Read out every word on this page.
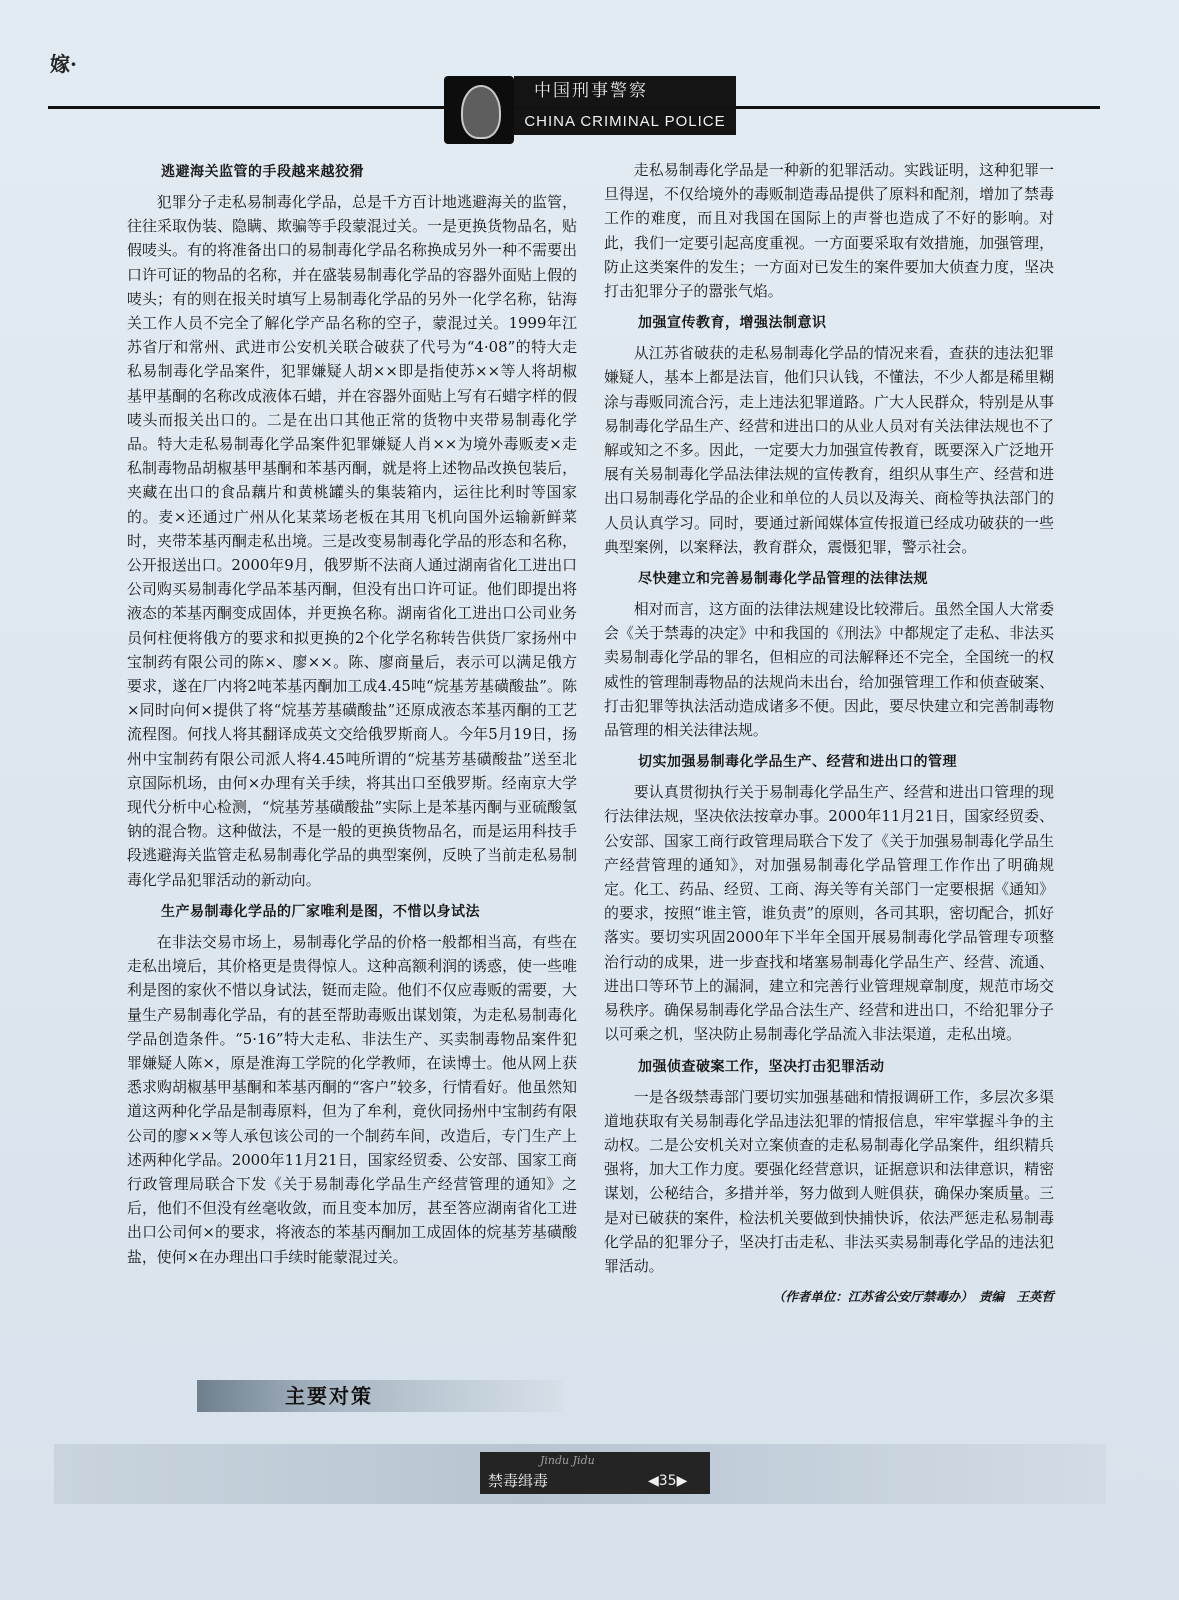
嫁·
中国刑事警察
CHINA CRIMINAL POLICE
逃避海关监管的手段越来越狡猾

犯罪分子走私易制毒化学品，总是千方百计地逃避海关的监管，往往采取伪装、隐瞒、欺骗等手段蒙混过关。一是更换货物品名，贴假唛头。有的将准备出口的易制毒化学品名称换成另外一种不需要出口许可证的物品的名称，并在盛装易制毒化学品的容器外面贴上假的唛头；有的则在报关时填写上易制毒化学品的另外一化学名称，钻海关工作人员不完全了解化学产品名称的空子，蒙混过关。1999年江苏省厅和常州、武进市公安机关联合破获了代号为“4·08”的特大走私易制毒化学品案件，犯罪嫌疑人胡××即是指使苏××等人将胡椒基甲基酮的名称改成液体石蜡，并在容器外面贴上写有石蜡字样的假唛头而报关出口的。二是在出口其他正常的货物中夹带易制毒化学品。特大走私易制毒化学品案件犯罪嫌疑人肖××为境外毒贩麦×走私制毒物品胡椒基甲基酮和苯基丙酮，就是将上述物品改换包装后，夹藏在出口的食品藕片和黄桃罐头的集装箱内，运往比利时等国家的。麦×还通过广州从化某菜场老板在其用飞机向国外运输新鲜菜时，夹带苯基丙酮走私出境。三是改变易制毒化学品的形态和名称，公开报送出口。2000年9月，俄罗斯不法商人通过湖南省化工进出口公司购买易制毒化学品苯基丙酮，但没有出口许可证。他们即提出将液态的苯基丙酮变成固体，并更换名称。湖南省化工进出口公司业务员何柱便将俄方的要求和拟更换的2个化学名称转告供货厂家扬州中宝制药有限公司的陈×、廖××。陈、廖商量后，表示可以满足俄方要求，遂在厂内将2吨苯基丙酮加工成4.45吨“烷基芳基磺酸盐”。陈×同时向何×提供了将“烷基芳基磺酸盐”还原成液态苯基丙酮的工艺流程图。何找人将其翻译成英文交给俄罗斯商人。今年5月19日，扬州中宝制药有限公司派人将4.45吨所谓的“烷基芳基磺酸盐”送至北京国际机场，由何×办理有关手续，将其出口至俄罗斯。经南京大学现代分析中心检测，“烷基芳基磺酸盐”实际上是苯基丙酮与亚硫酸氢钠的混合物。这种做法，不是一般的更换货物品名，而是运用科技手段逃避海关监管走私易制毒化学品的典型案例，反映了当前走私易制毒化学品犯罪活动的新动向。

生产易制毒化学品的厂家唯利是图，不惜以身试法

在非法交易市场上，易制毒化学品的价格一般都相当高，有些在走私出境后，其价格更是贵得惊人。这种高额利润的诱惑，使一些唯利是图的家伙不惜以身试法，铤而走险。他们不仅应毒贩的需要，大量生产易制毒化学品，有的甚至帮助毒贩出谋划策，为走私易制毒化学品创造条件。“5·16”特大走私、非法生产、买卖制毒物品案件犯罪嫌疑人陈×，原是淮海工学院的化学教师，在读博士。他从网上获悉求购胡椒基甲基酮和苯基丙酮的“客户”较多，行情看好。他虽然知道这两种化学品是制毒原料，但为了牟利，竟伙同扬州中宝制药有限公司的廖××等人承包该公司的一个制药车间，改造后，专门生产上述两种化学品。2000年11月21日，国家经贸委、公安部、国家工商行政管理局联合下发《关于易制毒化学品生产经营管理的通知》之后，他们不但没有丝毫收敛，而且变本加厉，甚至答应湖南省化工进出口公司何×的要求，将液态的苯基丙酮加工成固体的烷基芳基磺酸盐，使何×在办理出口手续时能蒙混过关。

走私易制毒化学品是一种新的犯罪活动。实践证明，这种犯罪一旦得逞，不仅给境外的毒贩制造毒品提供了原料和配剂，增加了禁毒工作的难度，而且对我国在国际上的声誉也造成了不好的影响。对此，我们一定要引起高度重视。一方面要采取有效措施，加强管理，防止这类案件的发生；一方面对已发生的案件要加大侦查力度，坚决打击犯罪分子的嚣张气焰。

加强宣传教育，增强法制意识

从江苏省破获的走私易制毒化学品的情况来看，查获的违法犯罪嫌疑人，基本上都是法盲，他们只认钱，不懂法，不少人都是稀里糊涂与毒贩同流合污，走上违法犯罪道路。广大人民群众，特别是从事易制毒化学品生产、经营和进出口的从业人员对有关法律法规也不了解或知之不多。因此，一定要大力加强宣传教育，既要深入广泛地开展有关易制毒化学品法律法规的宣传教育，组织从事生产、经营和进出口易制毒化学品的企业和单位的人员以及海关、商检等执法部门的人员认真学习。同时，要通过新闻媒体宣传报道已经成功破获的一些典型案例，以案释法，教育群众，震慑犯罪，警示社会。

尽快建立和完善易制毒化学品管理的法律法规

相对而言，这方面的法律法规建设比较滞后。虽然全国人大常委会《关于禁毒的决定》中和我国的《刑法》中都规定了走私、非法买卖易制毒化学品的罪名，但相应的司法解释还不完全，全国统一的权威性的管理制毒物品的法规尚未出台，给加强管理工作和侦查破案、打击犯罪等执法活动造成诸多不便。因此，要尽快建立和完善制毒物品管理的相关法律法规。

切实加强易制毒化学品生产、经营和进出口的管理

要认真贯彻执行关于易制毒化学品生产、经营和进出口管理的现行法律法规，坚决依法按章办事。2000年11月21日，国家经贸委、公安部、国家工商行政管理局联合下发了《关于加强易制毒化学品生产经营管理的通知》，对加强易制毒化学品管理工作作出了明确规定。化工、药品、经贸、工商、海关等有关部门一定要根据《通知》的要求，按照“谁主管，谁负责”的原则，各司其职，密切配合，抓好落实。要切实巩固2000年下半年全国开展易制毒化学品管理专项整治行动的成果，进一步查找和堵塞易制毒化学品生产、经营、流通、进出口等环节上的漏洞，建立和完善行业管理规章制度，规范市场交易秩序。确保易制毒化学品合法生产、经营和进出口，不给犯罪分子以可乘之机，坚决防止易制毒化学品流入非法渠道，走私出境。

加强侦查破案工作，坚决打击犯罪活动

一是各级禁毒部门要切实加强基础和情报调研工作，多层次多渠道地获取有关易制毒化学品违法犯罪的情报信息，牢牢掌握斗争的主动权。二是公安机关对立案侦查的走私易制毒化学品案件，组织精兵强将，加大工作力度。要强化经营意识，证据意识和法律意识，精密谋划，公秘结合，多措并举，努力做到人赃俱获，确保办案质量。三是对已破获的案件，检法机关要做到快捕快诉，依法严惩走私易制毒化学品的犯罪分子，坚决打击走私、非法买卖易制毒化学品的违法犯罪活动。

（作者单位：江苏省公安厅禁毒办）　责编　王英哲
主要对策
Jindu Jidu
禁毒缉毒	◀35▶
